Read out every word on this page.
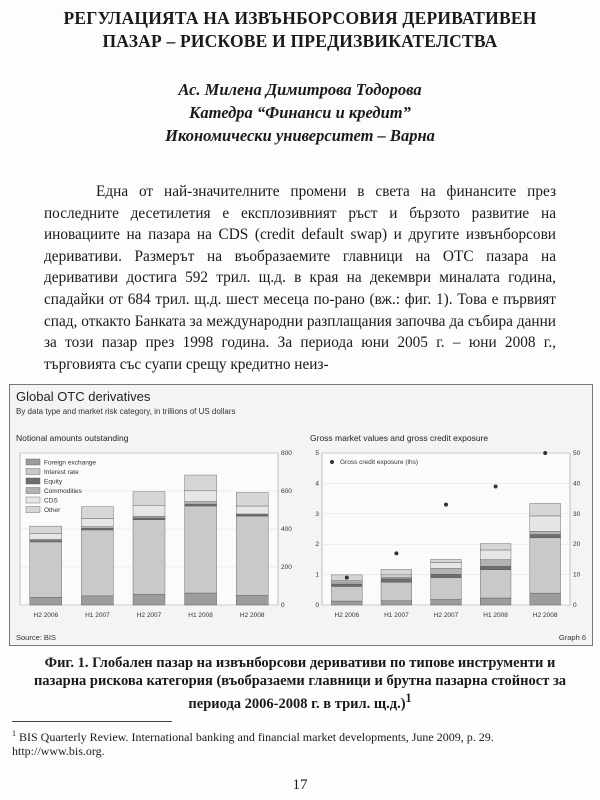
РЕГУЛАЦИЯТА НА ИЗВЪНБОРСОВИЯ ДЕРИВАТИВЕН
ПАЗАР – РИСКОВЕ И ПРЕДИЗВИКАТЕЛСТВА
Ас. Милена Димитрова Тодорова
Катедра “Финанси и кредит”
Икономически университет – Варна

Една от най-значителните промени в света на финансите през последните десетилетия е експлозивният ръст и бързото развитие на иновациите на пазара на CDS (credit default swap) и другите извънборсови деривативи. Размерът на въобразаемите главници на OTC пазара на деривативи достига 592 трил. щ.д. в края на декември миналата година, спадайки от 684 трил. щ.д. шест месеца по-рано (вж.: фиг. 1). Това е първият спад, откакто Банката за международни разплащания започва да събира данни за този пазар през 1998 година. За периода юни 2005 г. – юни 2008 г., търговията със суапи срещу кредитно неиз-

Global OTC derivatives
By data type and market risk category, in trillions of US dollars
Notional amounts outstanding	Gross market values and gross credit exposure
0
200
400
600
800
H2 2006	H1 2007	H2 2007	H1 2008	H2 2008
Foreign exchange
Interest rate
Equity
Commodities
CDS
Other
0
10
20
30
40
50
0
1
2
3
4
5
H2 2006	H1 2007	H2 2007	H1 2008	H2 2008
Gross credit exposure (lhs)
Source: BIS	Graph 6
Фиг. 1. Глобален пазар на извънборсови деривативи по типове инструменти и пазарна рискова категория (въобразаеми главници и брутна пазарна стойност за периода 2006-2008 г. в трил. щ.д.)$^1$
$^1$ BIS Quarterly Review. International banking and financial market developments, June 2009, p. 29. http://www.bis.org.
17
